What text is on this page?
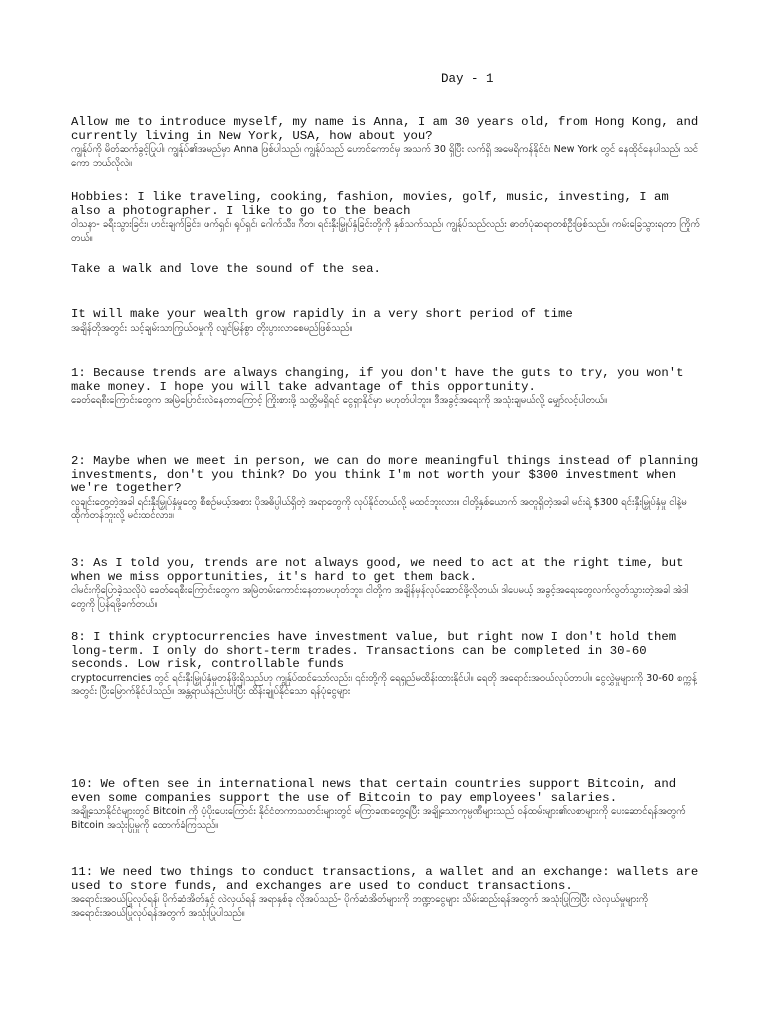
Day - 1

Allow me to introduce myself, my name is Anna, I am 30 years old, from Hong Kong, and currently living in New York, USA, how about you?

ကျွန်ုပ်ကို မိတ်ဆက်ခွင့်ပြုပါ၊ ကျွန်ုပ်၏အမည်မှာ Anna ဖြစ်ပါသည်၊ ကျွန်ုပ်သည် ဟောင်ကောင်မှ အသက် 30 ရှိပြီး လက်ရှိ အမေရိကန်နိုင်ငံ၊ New York တွင် နေထိုင်နေပါသည်၊ သင်ကော ဘယ်လိုလဲ။

Hobbies: I like traveling, cooking, fashion, movies, golf, music, investing, I am also a photographer. I like to go to the beach

ဝါသနာ- ခရီးသွားခြင်း၊ ဟင်းချက်ခြင်း၊ ဖက်ရှင်၊ ရုပ်ရှင်၊ ဂေါက်သီး၊ ဂီတ၊ ရင်းနှီးမြှုပ်နှံခြင်းတို့ကို နှစ်သက်သည်၊ ကျွန်ုပ်သည်လည်း ဓာတ်ပုံဆရာတစ်ဦးဖြစ်သည်။ ကမ်းခြေသွားရတာ ကြိုက်တယ်။

Take a walk and love the sound of the sea.

It will make your wealth grow rapidly in a very short period of time

အချိန်တိုအတွင်း သင့်ချမ်းသာကြွယ်ဝမှုကို လျင်မြန်စွာ တိုးပွားလာစေမည်ဖြစ်သည်။

1: Because trends are always changing, if you don't have the guts to try, you won't make money. I hope you will take advantage of this opportunity.

ခေတ်ရေစီးကြောင်းတွေက အမြဲပြောင်းလဲနေတာကြောင့် ကြိုးစားဖို့ သတ္တိမရှိရင် ငွေရှာနိုင်မှာ မဟုတ်ပါဘူး။ ဒီအခွင့်အရေးကို အသုံးချမယ်လို့ မျှော်လင့်ပါတယ်။

2: Maybe when we meet in person, we can do more meaningful things instead of planning investments, don't you think? Do you think I'm not worth your $300 investment when we're together?

လူချင်းတွေ့တဲ့အခါ ရင်းနှီးမြှုပ်နှံမှုတွေ စီစဉ်မယ့်အစား ပိုအဓိပ္ပါယ်ရှိတဲ့ အရာတွေကို လုပ်နိုင်တယ်လို့ မထင်ဘူးလား။ ငါတို့နှစ်ယောက် အတူရှိတဲ့အခါ မင်းရဲ့ $300 ရင်းနှီးမြှုပ်နှံမှု ငါနဲ့မထိုက်တန်ဘူးလို့ မင်းထင်လား။

3: As I told you, trends are not always good, we need to act at the right time, but when we miss opportunities, it's hard to get them back.

ငါမင်းကိုပြောခဲ့သလိုပဲ ခေတ်ရေစီးကြောင်းတွေက အမြဲတမ်းကောင်းနေတာမဟုတ်ဘူး၊ ငါတို့က အချိန်မှန်လုပ်ဆောင်ဖို့လိုတယ်၊ ဒါပေမယ့် အခွင့်အရေးတွေလက်လွတ်သွားတဲ့အခါ အဲဒါတွေကို ပြန်ရဖို့ခက်တယ်။

8: I think cryptocurrencies have investment value, but right now I don't hold them long-term. I only do short-term trades. Transactions can be completed in 30-60 seconds. Low risk, controllable funds

cryptocurrencies တွင် ရင်းနှီးမြှုပ်နှံမှုတန်ဖိုးရှိသည်ဟု ကျွန်ုပ်ထင်သော်လည်း၊ ၎င်းတို့ကို ရေရှည်မထိန်းထားနိုင်ပါ။ ရေတို အရောင်းအဝယ်လုပ်တာပါ။ ငွေလွှဲမှုများကို 30-60 စက္ကန့်အတွင်း ပြီးမြောက်နိုင်ပါသည်။ အန္တရာယ်နည်းပါးပြီး ထိန်းချုပ်နိုင်သော ရန်ပုံငွေများ

10: We often see in international news that certain countries support Bitcoin, and even some companies support the use of Bitcoin to pay employees' salaries.

အချို့သောနိုင်ငံများတွင် Bitcoin ကို ပံ့ပိုးပေးကြောင်း နိုင်ငံတကာသတင်းများတွင် မကြာခဏတွေ့ရပြီး အချို့သောကုမ္ပဏီများသည် ဝန်ထမ်းများ၏လစာများကို ပေးဆောင်ရန်အတွက် Bitcoin အသုံးပြုမှုကို ထောက်ခံကြသည်။

11: We need two things to conduct transactions, a wallet and an exchange: wallets are used to store funds, and exchanges are used to conduct transactions.

အရောင်းအဝယ်ပြုလုပ်ရန်၊ ပိုက်ဆံအိတ်နှင့် လဲလှယ်ရန် အရာနှစ်ခု လိုအပ်သည်- ပိုက်ဆံအိတ်များကို ဘဏ္ဍာငွေများ သိမ်းဆည်းရန်အတွက် အသုံးပြုကြပြီး လဲလှယ်မှုများကို အရောင်းအဝယ်ပြုလုပ်ရန်အတွက် အသုံးပြုပါသည်။
